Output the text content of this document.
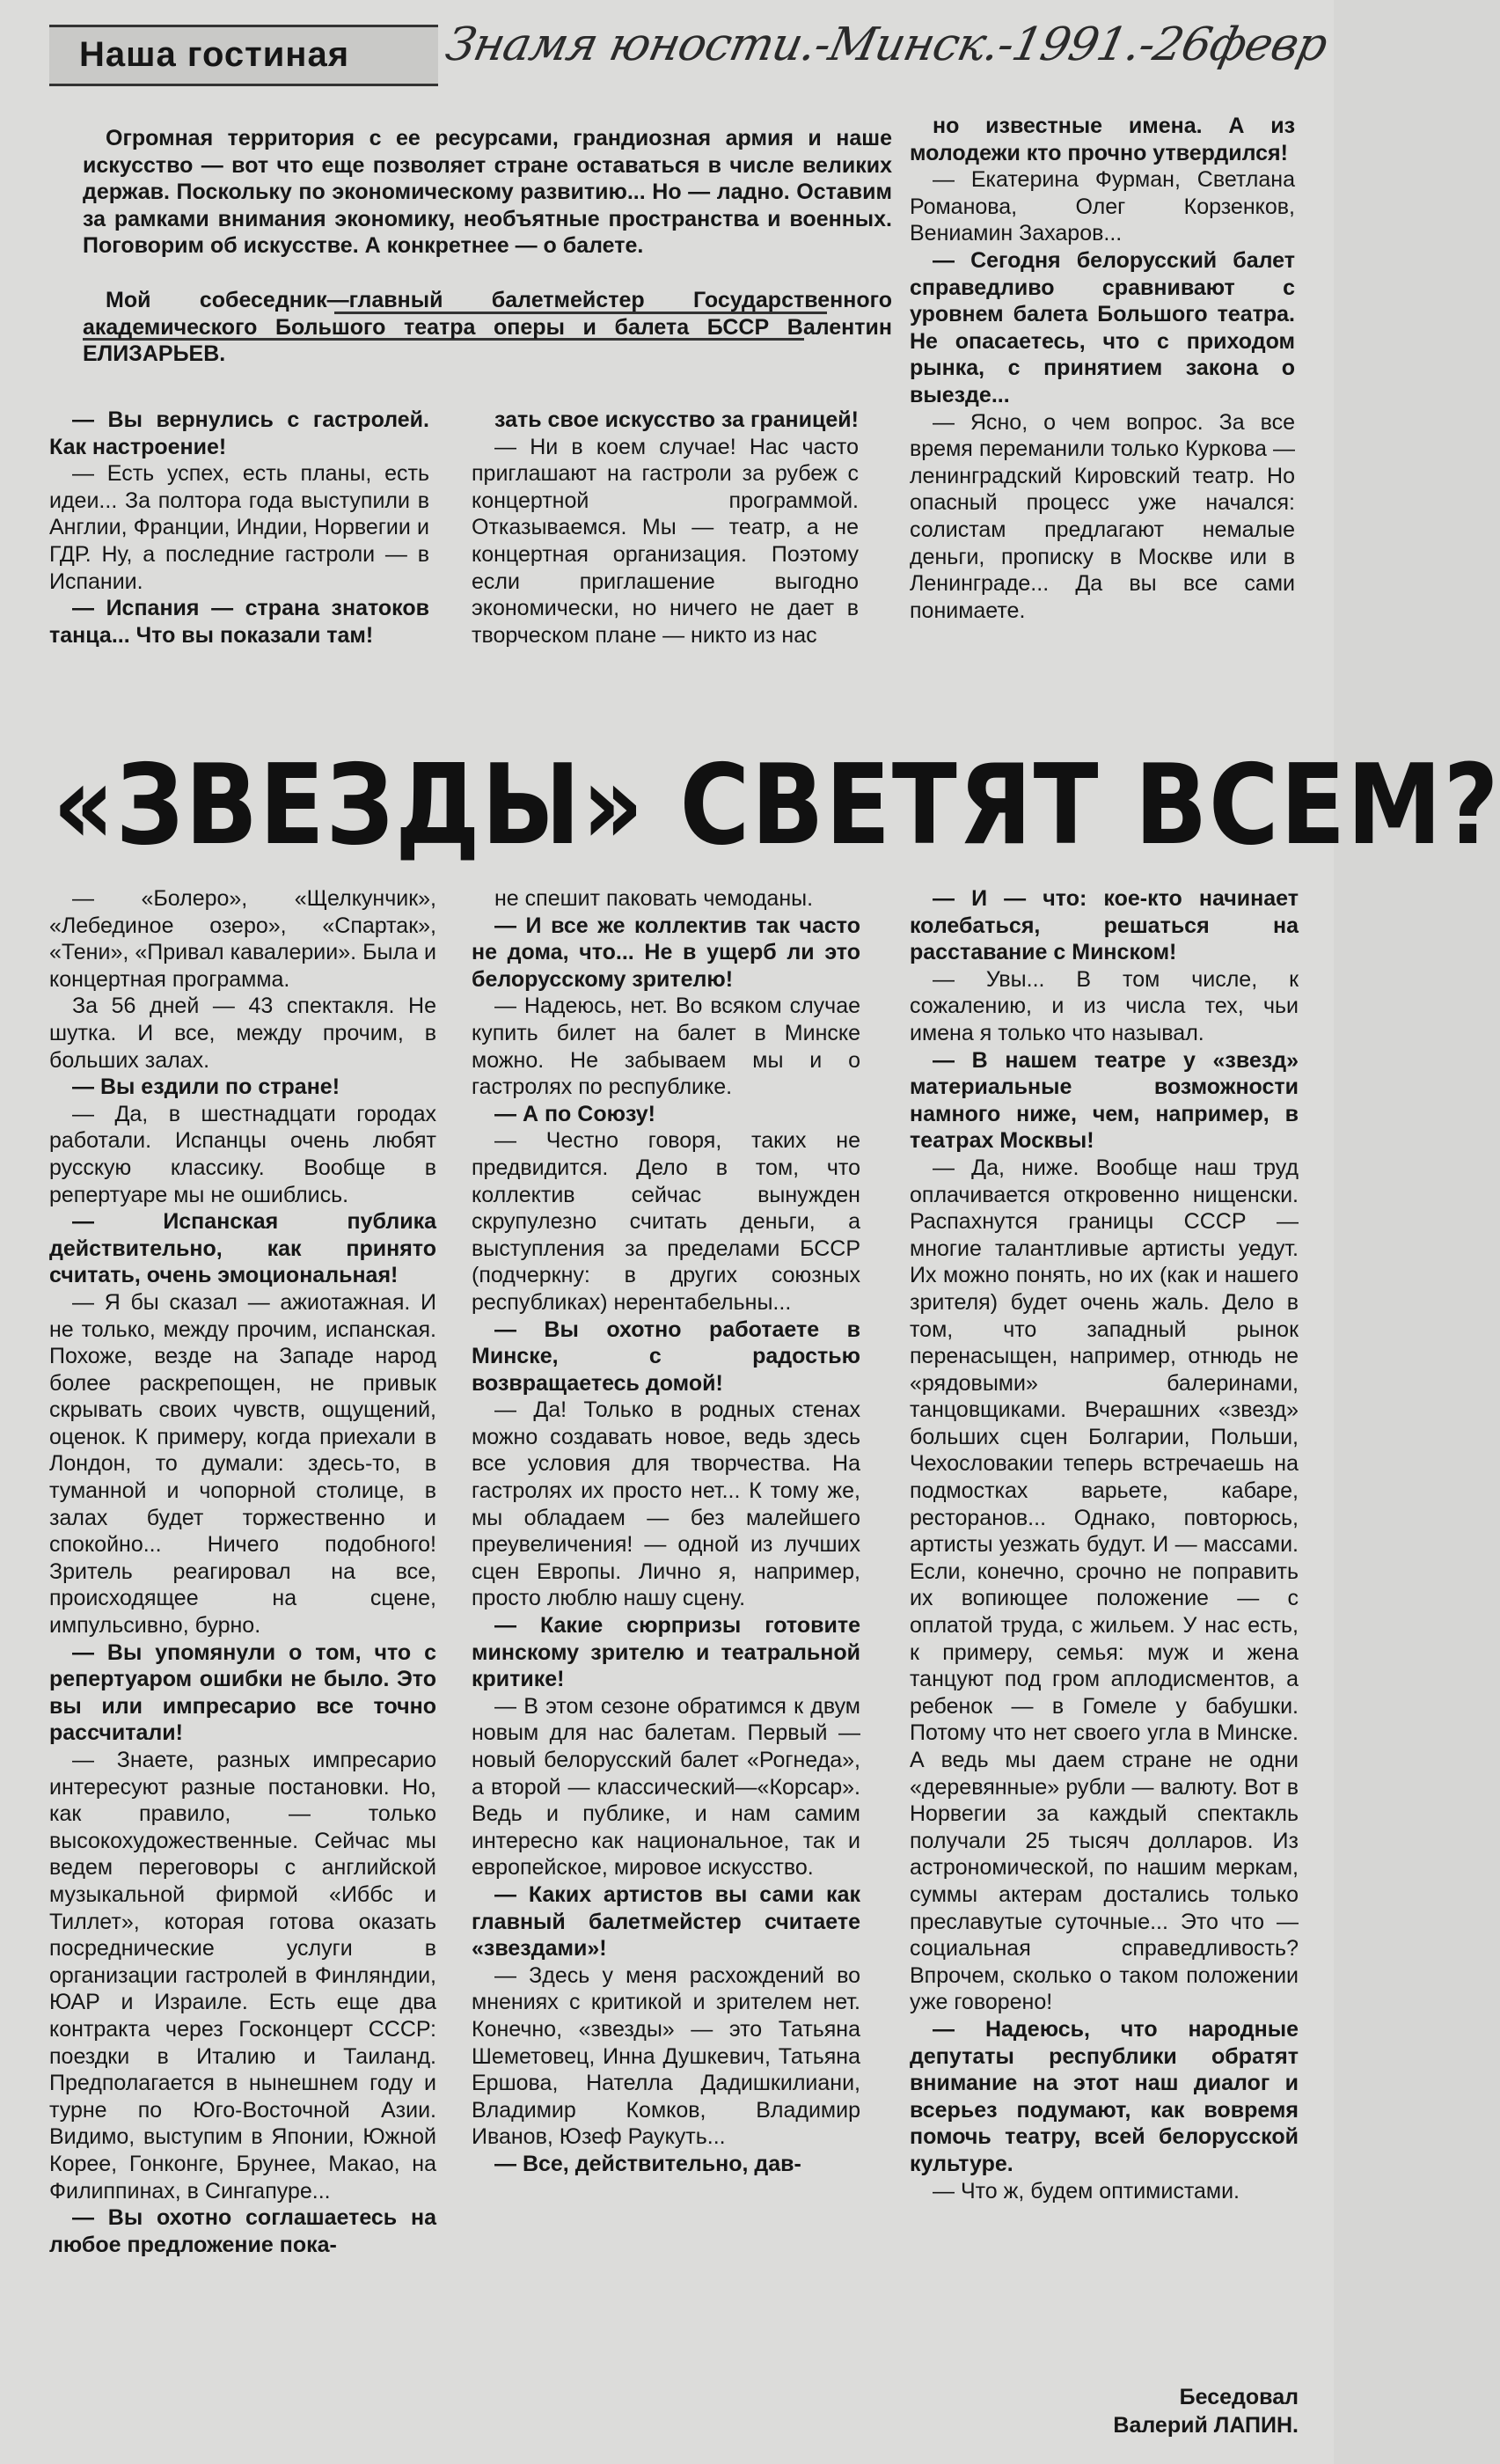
Наша гостиная	Знамя юности.-Минск.-1991.-26февр

Огромная территория с ее ресурсами, грандиозная армия и наше искусство — вот что еще позволяет стране оставаться в числе великих держав. Поскольку по экономическому развитию... Но — ладно. Оставим за рамками внимания экономику, необъятные пространства и военных. Поговорим об искусстве. А конкретнее — о балете.

Мой собеседник—главный балетмейстер Государственного академического Большого театра оперы и балета БССР Валентин ЕЛИЗАРЬЕВ.

— Вы вернулись с гастролей. Как настроение!

— Есть успех, есть планы, есть идеи... За полтора года выступили в Англии, Франции, Индии, Норвегии и ГДР. Ну, а последние гастроли — в Испании.

— Испания — страна знатоков танца... Что вы показали там!

зать свое искусство за границей!

— Ни в коем случае! Нас часто приглашают на гастроли за рубеж с концертной программой. Отказываемся. Мы — театр, а не концертная организация. Поэтому если приглашение выгодно экономически, но ничего не дает в творческом плане — никто из нас

но известные имена. А из молодежи кто прочно утвердился!

— Екатерина Фурман, Светлана Романова, Олег Корзенков, Вениамин Захаров...

— Сегодня белорусский балет справедливо сравнивают с уровнем балета Большого театра. Не опасаетесь, что с приходом рынка, с принятием закона о выезде...

— Ясно, о чем вопрос. За все время переманили только Куркова — ленинградский Кировский театр. Но опасный процесс уже начался: солистам предлагают немалые деньги, прописку в Москве или в Ленинграде... Да вы все сами понимаете.

«ЗВЕЗДЫ» СВЕТЯТ ВСЕМ?

— «Болеро», «Щелкунчик», «Лебединое озеро», «Спартак», «Тени», «Привал кавалерии». Была и концертная программа.

За 56 дней — 43 спектакля. Не шутка. И все, между прочим, в больших залах.

— Вы ездили по стране!

— Да, в шестнадцати городах работали. Испанцы очень любят русскую классику. Вообще в репертуаре мы не ошиблись.

— Испанская публика действительно, как принято считать, очень эмоциональная!

— Я бы сказал — ажиотажная. И не только, между прочим, испанская. Похоже, везде на Западе народ более раскрепощен, не привык скрывать своих чувств, ощущений, оценок. К примеру, когда приехали в Лондон, то думали: здесь-то, в туманной и чопорной столице, в залах будет торжественно и спокойно... Ничего подобного! Зритель реагировал на все, происходящее на сцене, импульсивно, бурно.

— Вы упомянули о том, что с репертуаром ошибки не было. Это вы или импресарио все точно рассчитали!

— Знаете, разных импресарио интересуют разные постановки. Но, как правило, — только высокохудожественные. Сейчас мы ведем переговоры с английской музыкальной фирмой «Иббс и Тиллет», которая готова оказать посреднические услуги в организации гастролей в Финляндии, ЮАР и Израиле. Есть еще два контракта через Госконцерт СССР: поездки в Италию и Таиланд. Предполагается в нынешнем году и турне по Юго-Восточной Азии. Видимо, выступим в Японии, Южной Корее, Гонконге, Брунее, Макао, на Филиппинах, в Сингапуре...

— Вы охотно соглашаетесь на любое предложение пока-

не спешит паковать чемоданы.

— И все же коллектив так часто не дома, что... Не в ущерб ли это белорусскому зрителю!

— Надеюсь, нет. Во всяком случае купить билет на балет в Минске можно. Не забываем мы и о гастролях по республике.

— А по Союзу!

— Честно говоря, таких не предвидится. Дело в том, что коллектив сейчас вынужден скрупулезно считать деньги, а выступления за пределами БССР (подчеркну: в других союзных республиках) нерентабельны...

— Вы охотно работаете в Минске, с радостью возвращаетесь домой!

— Да! Только в родных стенах можно создавать новое, ведь здесь все условия для творчества. На гастролях их просто нет... К тому же, мы обладаем — без малейшего преувеличения! — одной из лучших сцен Европы. Лично я, например, просто люблю нашу сцену.

— Какие сюрпризы готовите минскому зрителю и театральной критике!

— В этом сезоне обратимся к двум новым для нас балетам. Первый — новый белорусский балет «Рогнеда», а второй — классический—«Корсар». Ведь и публике, и нам самим интересно как национальное, так и европейское, мировое искусство.

— Каких артистов вы сами как главный балетмейстер считаете «звездами»!

— Здесь у меня расхождений во мнениях с критикой и зрителем нет. Конечно, «звезды» — это Татьяна Шеметовец, Инна Душкевич, Татьяна Ершова, Нателла Дадишкилиани, Владимир Комков, Владимир Иванов, Юзеф Раукуть...

— Все, действительно, дав-

— И — что: кое-кто начинает колебаться, решаться на расставание с Минском!

— Увы... В том числе, к сожалению, и из числа тех, чьи имена я только что называл.

— В нашем театре у «звезд» материальные возможности намного ниже, чем, например, в театрах Москвы!

— Да, ниже. Вообще наш труд оплачивается откровенно нищенски. Распахнутся границы СССР — многие талантливые артисты уедут. Их можно понять, но их (как и нашего зрителя) будет очень жаль. Дело в том, что западный рынок перенасыщен, например, отнюдь не «рядовыми» балеринами, танцовщиками. Вчерашних «звезд» больших сцен Болгарии, Польши, Чехословакии теперь встречаешь на подмостках варьете, кабаре, ресторанов... Однако, повторюсь, артисты уезжать будут. И — массами. Если, конечно, срочно не поправить их вопиющее положение — с оплатой труда, с жильем. У нас есть, к примеру, семья: муж и жена танцуют под гром аплодисментов, а ребенок — в Гомеле у бабушки. Потому что нет своего угла в Минске. А ведь мы даем стране не одни «деревянные» рубли — валюту. Вот в Норвегии за каждый спектакль получали 25 тысяч долларов. Из астрономической, по нашим меркам, суммы актерам достались только преславутые суточные... Это что — социальная справедливость? Впрочем, сколько о таком положении уже говорено!

— Надеюсь, что народные депутаты республики обратят внимание на этот наш диалог и всерьез подумают, как вовремя помочь театру, всей белорусской культуре.

— Что ж, будем оптимистами.

Беседовал
Валерий ЛАПИН.
